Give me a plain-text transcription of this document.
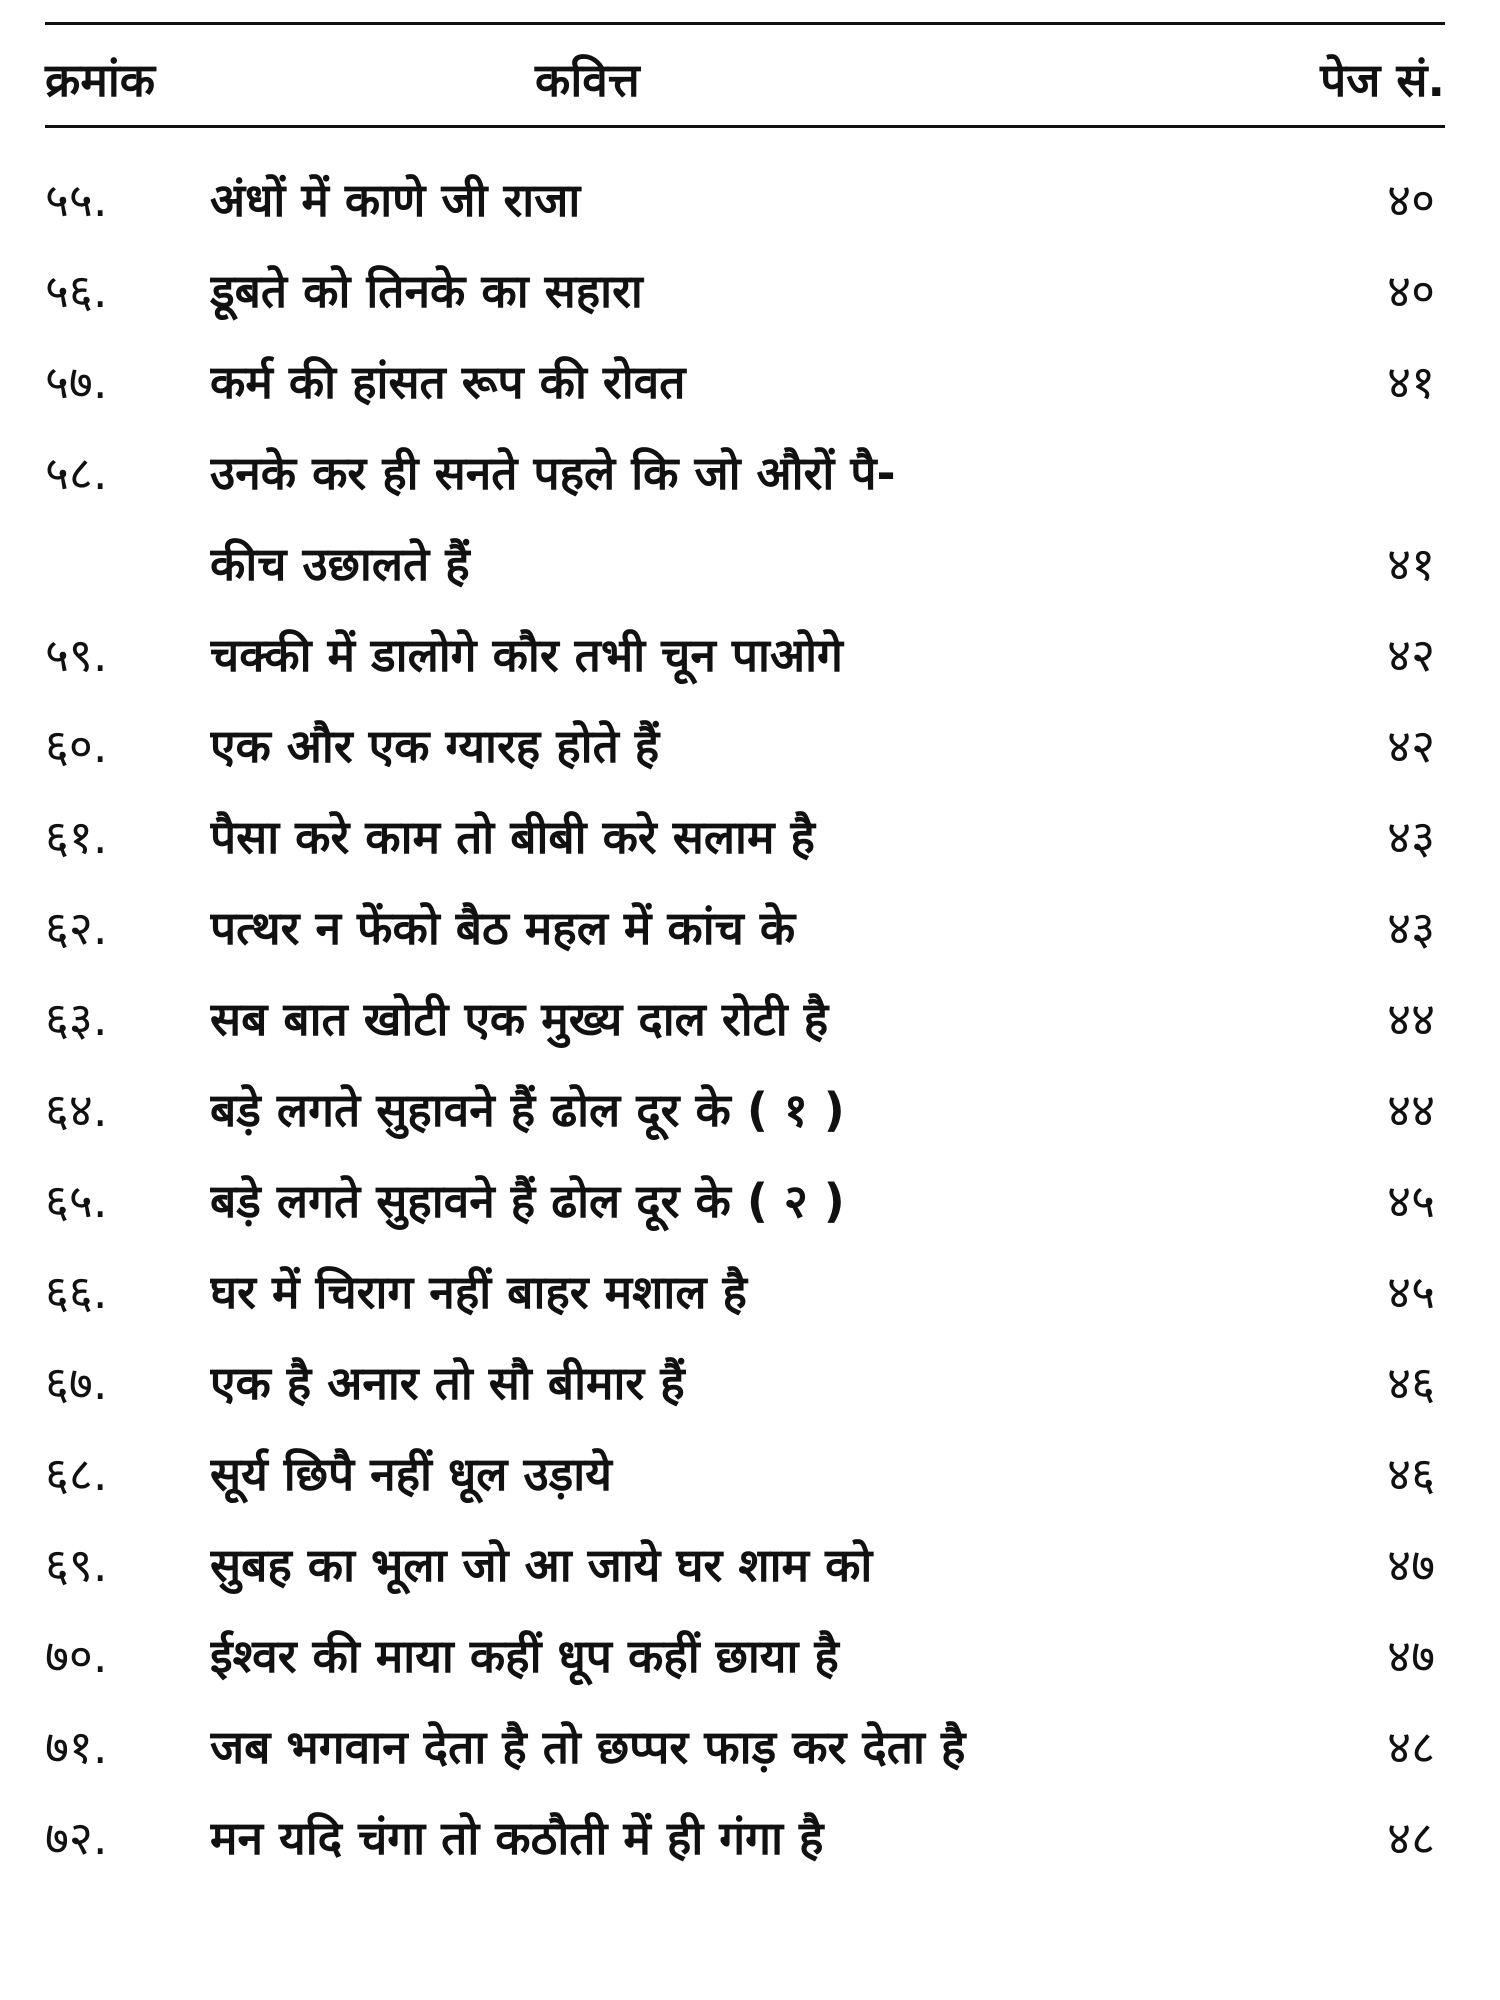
क्रमांक	कवित्त	पेज सं.
५५. अंधों में काणे जी राजा	४०
५६. डूबते को तिनके का सहारा	४०
५७. कर्म की हांसत रूप की रोवत	४१
५८. उनके कर ही सनते पहले कि जो औरों पै-
कीच उछालते हैं	४१
५९. चक्की में डालोगे कौर तभी चून पाओगे	४२
६०. एक और एक ग्यारह होते हैं	४२
६१. पैसा करे काम तो बीबी करे सलाम है	४३
६२. पत्थर न फेंको बैठ महल में कांच के	४३
६३. सब बात खोटी एक मुख्य दाल रोटी है	४४
६४. बड़े लगते सुहावने हैं ढोल दूर के ( १ )	४४
६५. बड़े लगते सुहावने हैं ढोल दूर के ( २ )	४५
६६. घर में चिराग नहीं बाहर मशाल है	४५
६७. एक है अनार तो सौ बीमार हैं	४६
६८. सूर्य छिपै नहीं धूल उड़ाये	४६
६९. सुबह का भूला जो आ जाये घर शाम को	४७
७०. ईश्वर की माया कहीं धूप कहीं छाया है	४७
७१. जब भगवान देता है तो छप्पर फाड़ कर देता है	४८
७२. मन यदि चंगा तो कठौती में ही गंगा है	४८
